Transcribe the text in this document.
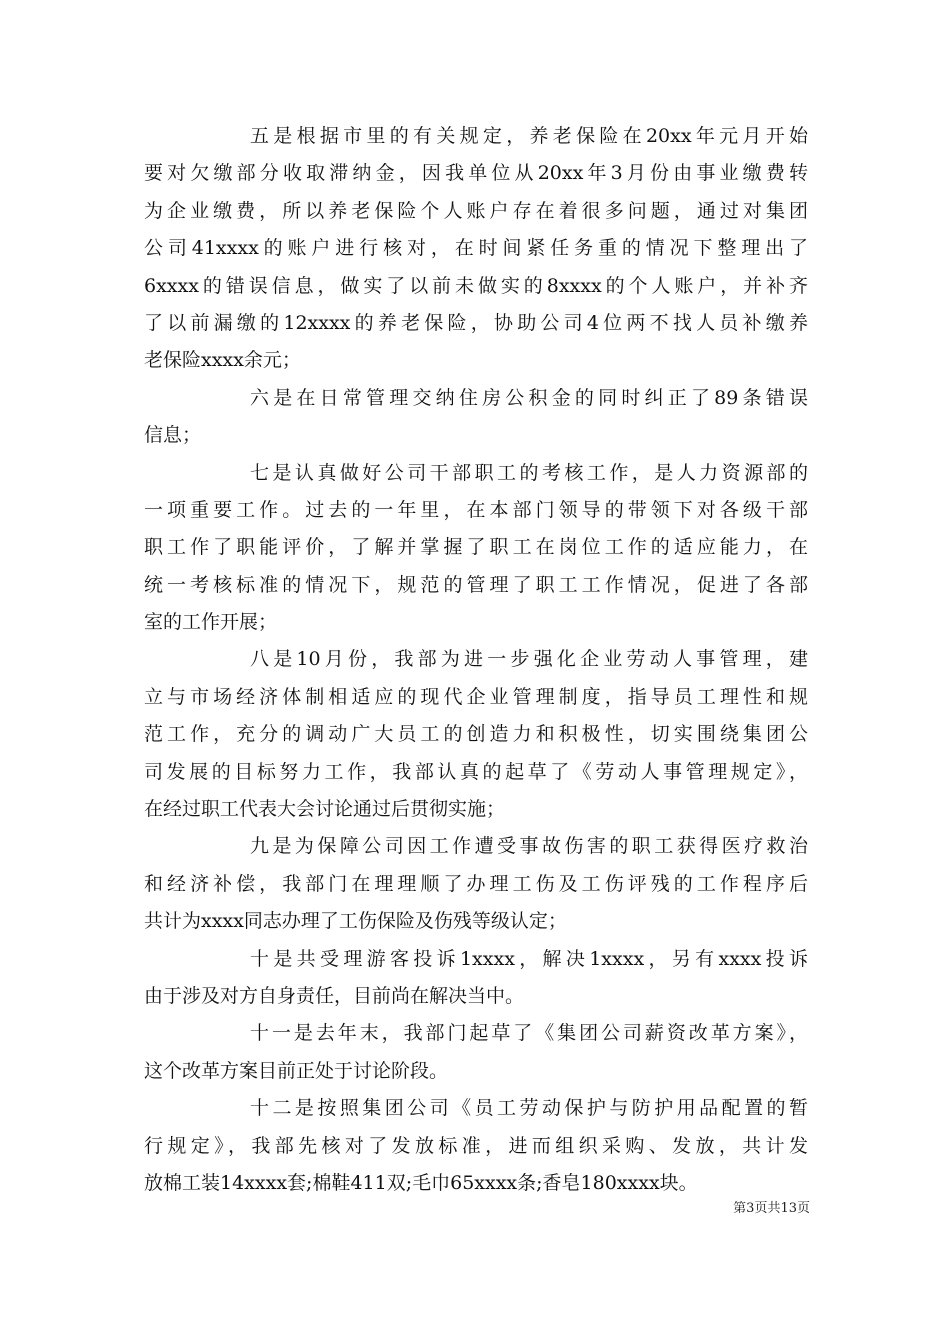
五是根据市里的有关规定，养老保险在20xx年元月开始
要对欠缴部分收取滞纳金，因我单位从20xx年3月份由事业缴费转
为企业缴费，所以养老保险个人账户存在着很多问题，通过对集团
公司41xxxx的账户进行核对，在时间紧任务重的情况下整理出了
6xxxx的错误信息，做实了以前未做实的8xxxx的个人账户，并补齐
了以前漏缴的12xxxx的养老保险，协助公司4位两不找人员补缴养
老保险xxxx余元；
六是在日常管理交纳住房公积金的同时纠正了89条错误
信息；
七是认真做好公司干部职工的考核工作，是人力资源部的
一项重要工作。过去的一年里，在本部门领导的带领下对各级干部
职工作了职能评价，了解并掌握了职工在岗位工作的适应能力，在
统一考核标准的情况下，规范的管理了职工工作情况，促进了各部
室的工作开展；
八是10月份，我部为进一步强化企业劳动人事管理，建
立与市场经济体制相适应的现代企业管理制度，指导员工理性和规
范工作，充分的调动广大员工的创造力和积极性，切实围绕集团公
司发展的目标努力工作，我部认真的起草了《劳动人事管理规定》，
在经过职工代表大会讨论通过后贯彻实施；
九是为保障公司因工作遭受事故伤害的职工获得医疗救治
和经济补偿，我部门在理理顺了办理工伤及工伤评残的工作程序后
共计为xxxx同志办理了工伤保险及伤残等级认定；
十是共受理游客投诉1xxxx，解决1xxxx，另有xxxx投诉
由于涉及对方自身责任，目前尚在解决当中。
十一是去年末，我部门起草了《集团公司薪资改革方案》，
这个改革方案目前正处于讨论阶段。
十二是按照集团公司《员工劳动保护与防护用品配置的暂
行规定》，我部先核对了发放标准，进而组织采购、发放，共计发
放棉工装14xxxx套;棉鞋411双;毛巾65xxxx条;香皂180xxxx块。
第3页共13页
